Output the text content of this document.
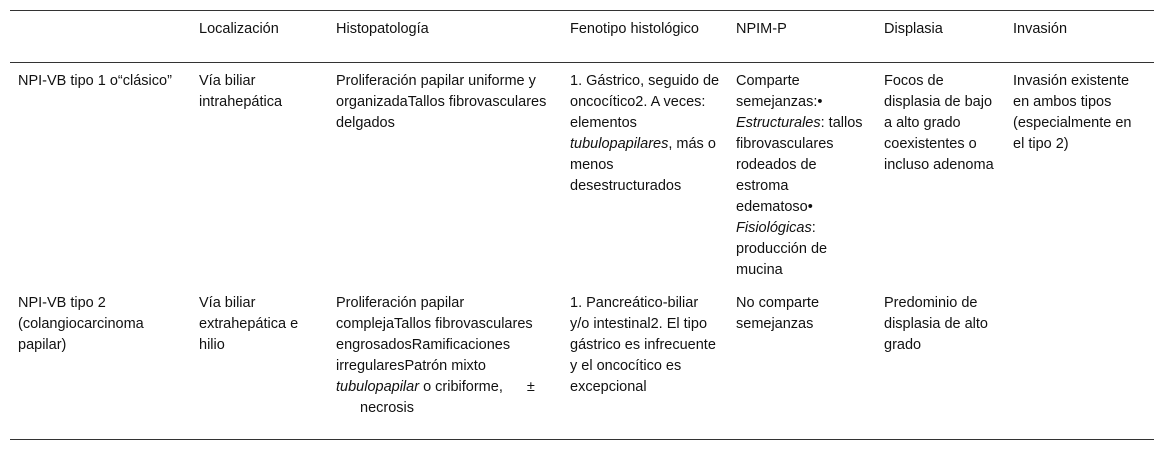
	Localización	Histopatología	Fenotipo histológico	NPIM-P	Displasia	Invasión
NPI-VB tipo 1 o“clásico”	Vía biliar intrahepática	Proliferación papilar uniforme y organizadaTallos fibrovasculares delgados	1. Gástrico, seguido de oncocítico2. A veces: elementos tubulopapilares, más o menos desestructurados	Comparte semejanzas:• Estructurales: tallos fibrovasculares rodeados de estroma edematoso• Fisiológicas: producción de mucina	Focos de displasia de bajo a alto grado coexistentes o incluso adenoma	Invasión existente en ambos tipos (especialmente en el tipo 2)
NPI-VB tipo 2 (colangiocarcinoma papilar)	Vía biliar extrahepática e hilio	Proliferación papilar complejaTallos fibrovasculares engrosadosRamificaciones irregularesPatrón mixto tubulopapilar o cribiforme, ±necrosis	1. Pancreático-biliar y/o intestinal2. El tipo gástrico es infrecuente y el oncocítico es excepcional	No comparte semejanzas	Predominio de displasia de alto grado	
